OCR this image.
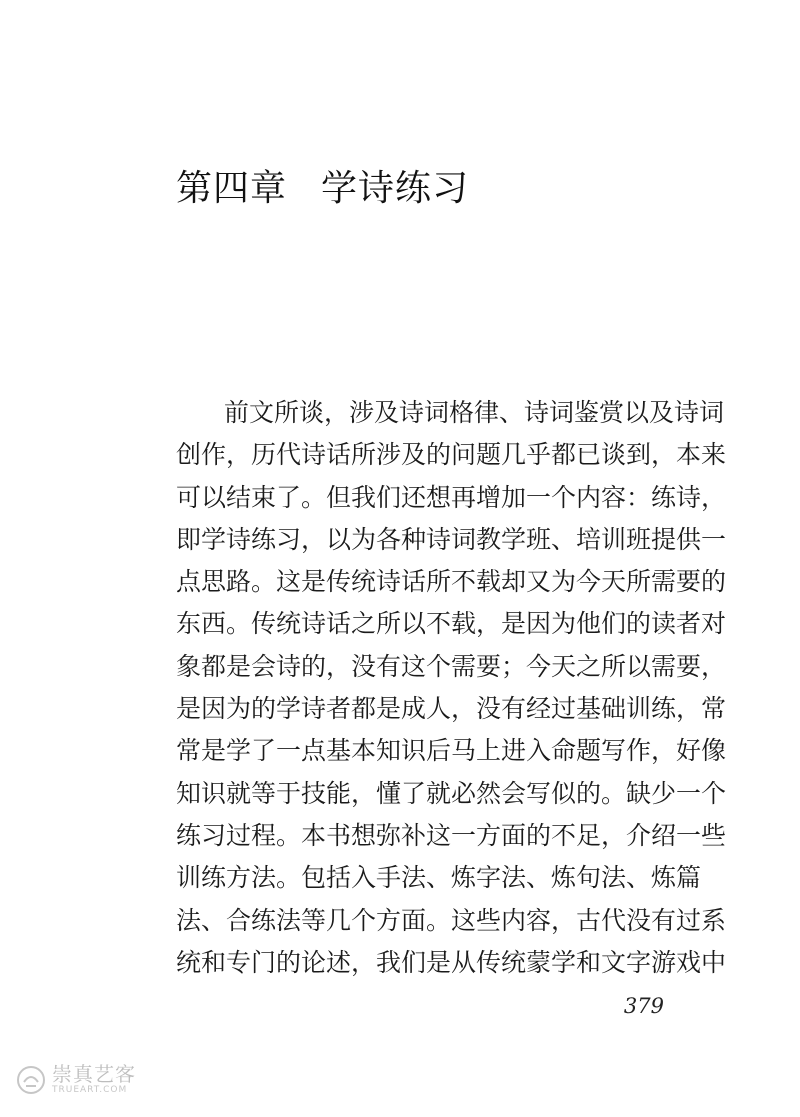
第四章 学诗练习
前文所谈，涉及诗词格律、诗词鉴赏以及诗词
创作，历代诗话所涉及的问题几乎都已谈到，本来
可以结束了。但我们还想再增加一个内容：练诗，
即学诗练习，以为各种诗词教学班、培训班提供一
点思路。这是传统诗话所不载却又为今天所需要的
东西。传统诗话之所以不载，是因为他们的读者对
象都是会诗的，没有这个需要；今天之所以需要，
是因为的学诗者都是成人，没有经过基础训练，常
常是学了一点基本知识后马上进入命题写作，好像
知识就等于技能，懂了就必然会写似的。缺少一个
练习过程。本书想弥补这一方面的不足，介绍一些
训练方法。包括入手法、炼字法、炼句法、炼篇
法、合练法等几个方面。这些内容，古代没有过系
统和专门的论述，我们是从传统蒙学和文字游戏中
379
崇真艺客
TRUEART.COM
